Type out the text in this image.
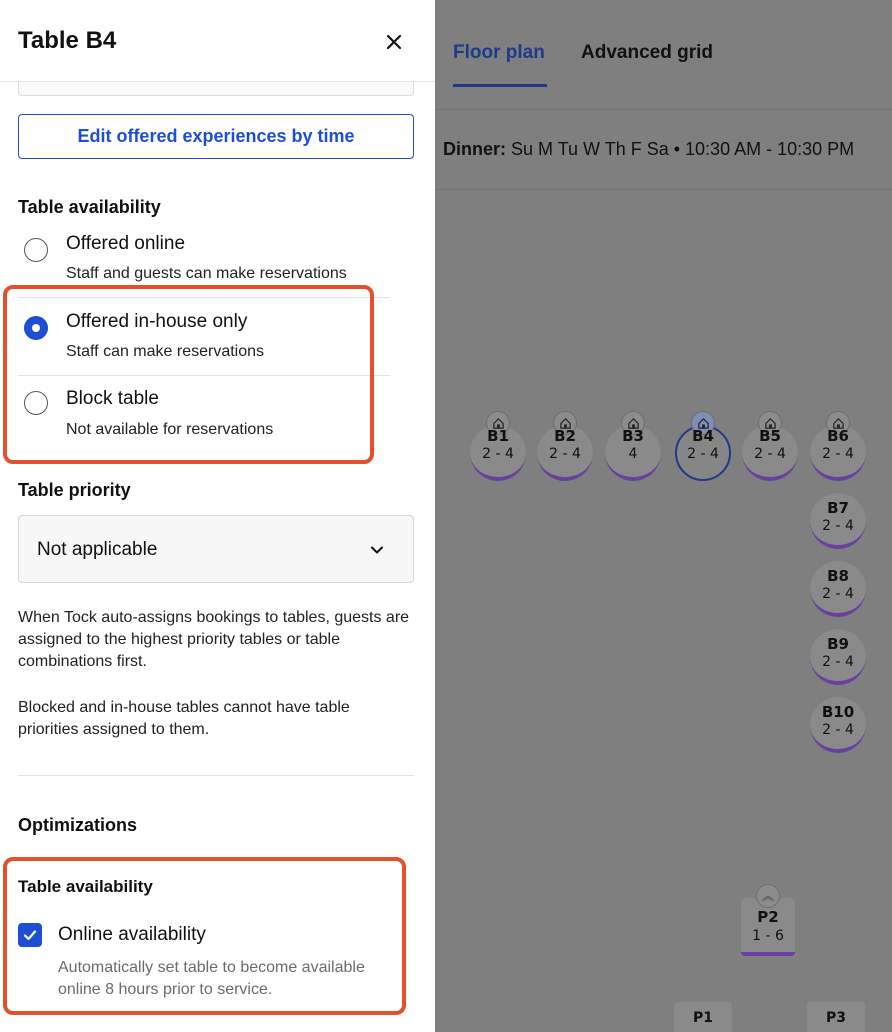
Floor plan Advanced grid
Dinner: Su M Tu W Th F Sa • 10:30 AM - 10:30 PM
B1
2 - 4
B2
2 - 4
B3
4
B4
2 - 4
B5
2 - 4
B6
2 - 4
B7
2 - 4
B8
2 - 4
B9
2 - 4
B10
2 - 4
︽
P2
1 - 6
P1	P3
Table B4
Edit offered experiences by time
Table availability
Offered online
Staff and guests can make reservations
Offered in-house only
Staff can make reservations
Block table
Not available for reservations
Table priority
Not applicable
When Tock auto-assigns bookings to tables, guests are assigned to the highest priority tables or table combinations first.
Blocked and in-house tables cannot have table priorities assigned to them.
Optimizations
Table availability
Online availability
Automatically set table to become available online 8 hours prior to service.
